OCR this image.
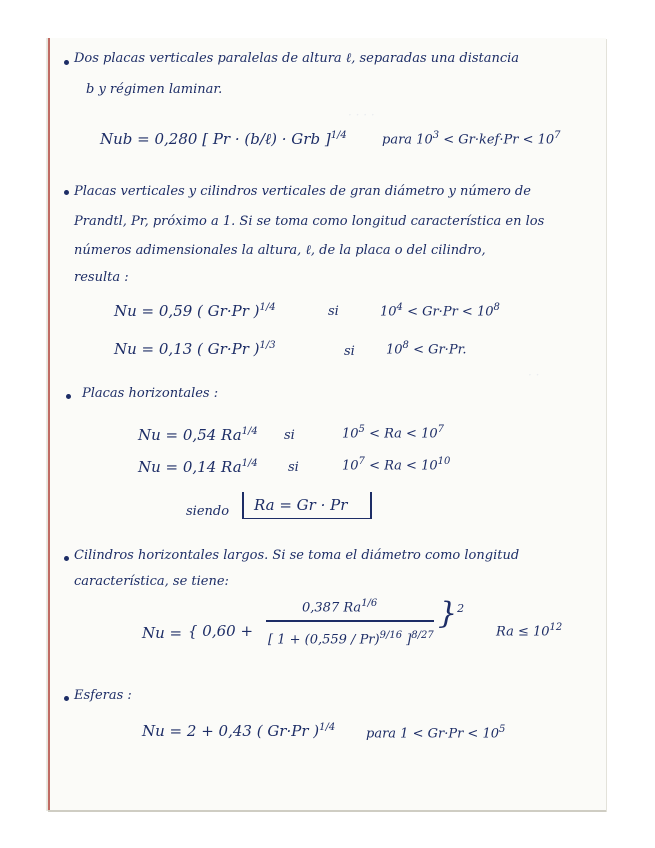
· · · ·
· ·
Dos placas verticales paralelas de altura ℓ, separadas una distancia
b y régimen laminar.
Nub = 0,280 [ Pr · (b/ℓ) · Grb ]$^{1/4}$	para $10^3 < Gr\cdot kef\cdot Pr < 10^7$
Placas verticales y cilindros verticales de gran diámetro y número de
Prandtl, Pr, próximo a 1. Si se toma como longitud característica en los
números adimensionales la altura, ℓ, de la placa o del cilindro,
resulta :
Nu = 0,59 ( Gr·Pr )$^{1/4}$	si	$10^4 < Gr\cdot Pr < 10^8$
Nu = 0,13 ( Gr·Pr )$^{1/3}$	si $10^8 < Gr\cdot Pr$.
Placas horizontales :
Nu = 0,54 $Ra^{1/4}$ si	$10^5 < Ra < 10^7$
Nu = 0,14 $Ra^{1/4}$ si	$10^7 < Ra < 10^{10}$
siendo Ra = Gr · Pr
Cilindros horizontales largos. Si se toma el diámetro como longitud
característica, se tiene:
Nu = { 0,60 +
0,387 $Ra^{1/6}$
[ 1 + (0,559 / Pr)$^{9/16}$ ]$^{8/27}$
}$^2$
$Ra \le 10^{12}$
Esferas :
Nu = 2 + 0,43 ( Gr·Pr )$^{1/4}$ para $1 < Gr\cdot Pr < 10^5$
